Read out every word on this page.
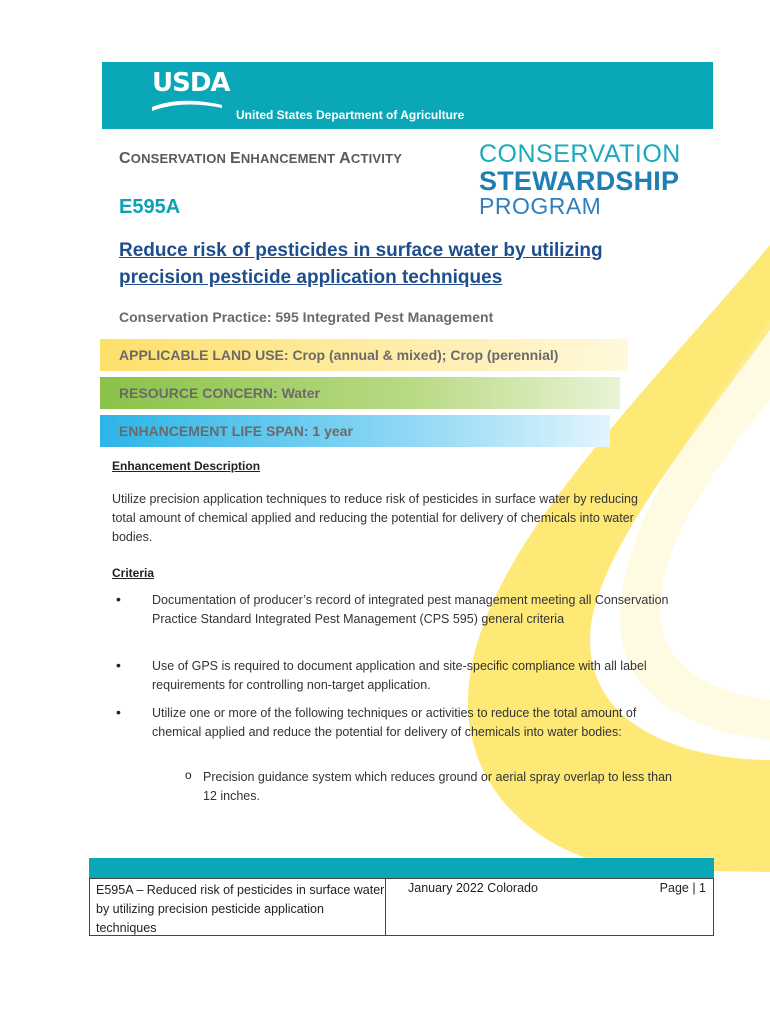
USDA
United States Department of Agriculture
CONSERVATION ENHANCEMENT ACTIVITY
E595A
CONSERVATION
STEWARDSHIP
PROGRAM
Reduce risk of pesticides in surface water by utilizing precision pesticide application techniques
Conservation Practice: 595 Integrated Pest Management
APPLICABLE LAND USE: Crop (annual & mixed); Crop (perennial)
RESOURCE CONCERN: Water
ENHANCEMENT LIFE SPAN: 1 year
Enhancement Description
Utilize precision application techniques to reduce risk of pesticides in surface water by reducing total amount of chemical applied and reducing the potential for delivery of chemicals into water bodies.
Criteria
• Documentation of producer’s record of integrated pest management meeting all Conservation Practice Standard Integrated Pest Management (CPS 595) general criteria
• Use of GPS is required to document application and site-specific compliance with all label requirements for controlling non-target application.
• Utilize one or more of the following techniques or activities to reduce the total amount of chemical applied and reduce the potential for delivery of chemicals into water bodies:
o Precision guidance system which reduces ground or aerial spray overlap to less than 12 inches.
E595A – Reduced risk of pesticides in surface water by utilizing precision pesticide application techniques
January 2022 Colorado	Page | 1
